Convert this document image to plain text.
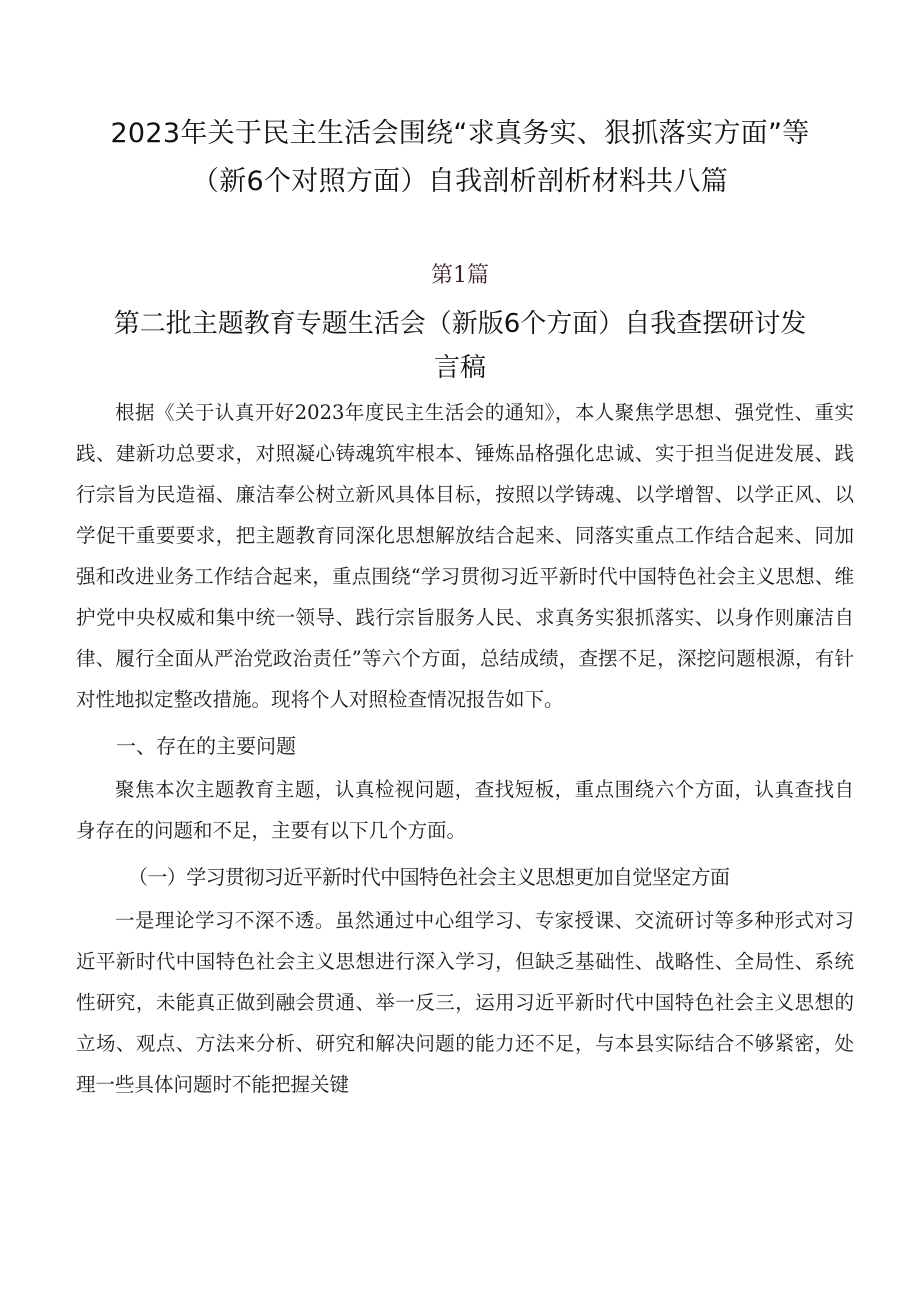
2023年关于民主生活会围绕“求真务实、狠抓落实方面”等（新6个对照方面）自我剖析剖析材料共八篇
第1篇
第二批主题教育专题生活会（新版6个方面）自我查摆研讨发言稿

根据《关于认真开好2023年度民主生活会的通知》，本人聚焦学思想、强党性、重实践、建新功总要求，对照凝心铸魂筑牢根本、锤炼品格强化忠诚、实于担当促进发展、践行宗旨为民造福、廉洁奉公树立新风具体目标，按照以学铸魂、以学增智、以学正风、以学促干重要要求，把主题教育同深化思想解放结合起来、同落实重点工作结合起来、同加强和改进业务工作结合起来，重点围绕“学习贯彻习近平新时代中国特色社会主义思想、维护党中央权威和集中统一领导、践行宗旨服务人民、求真务实狠抓落实、以身作则廉洁自律、履行全面从严治党政治责任”等六个方面，总结成绩，查摆不足，深挖问题根源，有针对性地拟定整改措施。现将个人对照检查情况报告如下。

一、存在的主要问题

聚焦本次主题教育主题，认真检视问题，查找短板，重点围绕六个方面，认真查找自身存在的问题和不足，主要有以下几个方面。

（一）学习贯彻习近平新时代中国特色社会主义思想更加自觉坚定方面

一是理论学习不深不透。虽然通过中心组学习、专家授课、交流研讨等多种形式对习近平新时代中国特色社会主义思想进行深入学习，但缺乏基础性、战略性、全局性、系统性研究，未能真正做到融会贯通、举一反三，运用习近平新时代中国特色社会主义思想的立场、观点、方法来分析、研究和解决问题的能力还不足，与本县实际结合不够紧密，处理一些具体问题时不能把握关键
